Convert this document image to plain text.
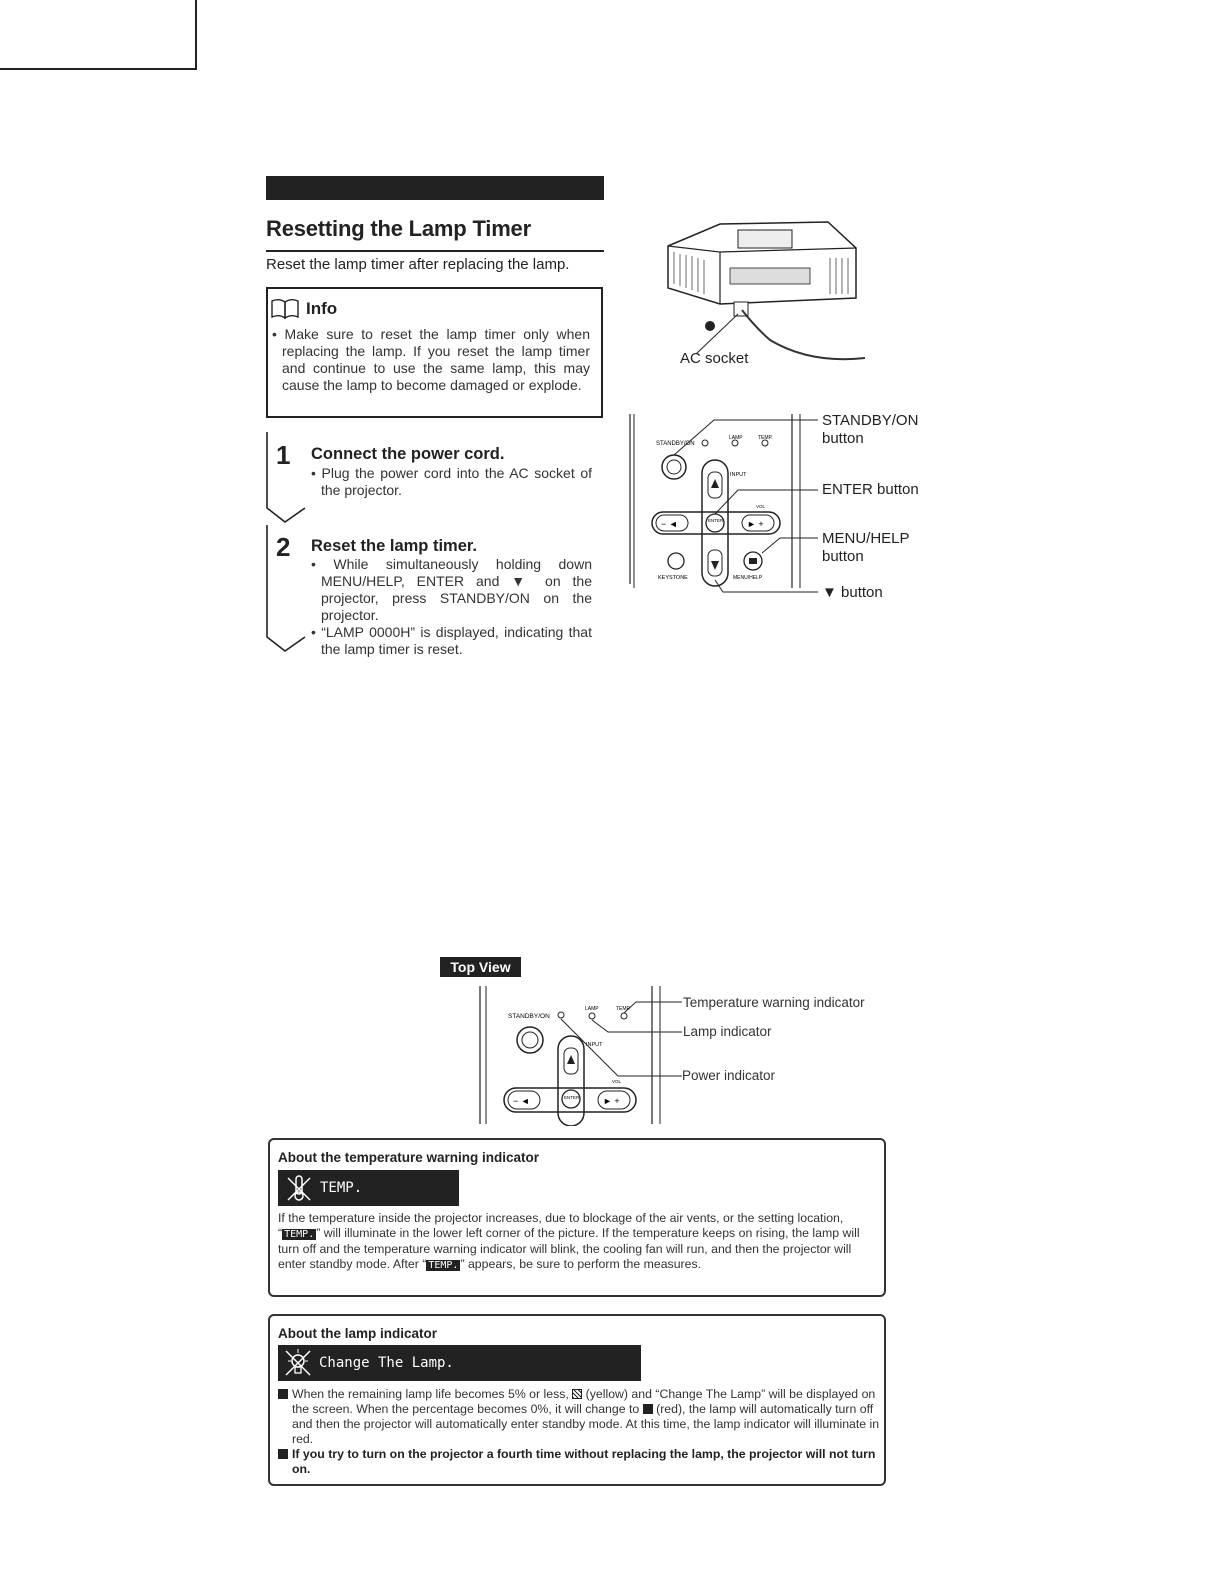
Resetting the Lamp Timer
Reset the lamp timer after replacing the lamp.
Info
• Make sure to reset the lamp timer only when replacing the lamp. If you reset the lamp timer and continue to use the same lamp, this may cause the lamp to become damaged or explode.
1 Connect the power cord.
• Plug the power cord into the AC socket of the projector.
2 Reset the lamp timer.
• While simultaneously holding down MENU/HELP, ENTER and ▼ on the projector, press STANDBY/ON on the projector.
• “LAMP 0000H” is displayed, indicating that the lamp timer is reset.
AC socket
STANDBY/ON
LAMP	TEMP.
− ◄	► +
ENTER
INPUT
VOL
KEYSTONE	MENU/HELP
STANDBY/ON button
ENTER button
MENU/HELP button
▼ button
Top View
STANDBY/ON
LAMP	TEMP.
− ◄	► +
ENTER
INPUT
VOL
Temperature warning indicator
Lamp indicator
Power indicator
About the temperature warning indicator
TEMP.
If the temperature inside the projector increases, due to blockage of the air vents, or the setting location,
“ TEMP. ” will illuminate in the lower left corner of the picture. If the temperature keeps on rising, the lamp will turn off and the temperature warning indicator will blink, the cooling fan will run, and then the projector will enter standby mode. After “ TEMP. ” appears, be sure to perform the measures.
About the lamp indicator
Change The Lamp.
When the remaining lamp life becomes 5% or less, (yellow) and “Change The Lamp” will be displayed on the screen. When the percentage becomes 0%, it will change to (red), the lamp will automatically turn off and then the projector will automatically enter standby mode. At this time, the lamp indicator will illuminate in red.
If you try to turn on the projector a fourth time without replacing the lamp, the projector will not turn on.
